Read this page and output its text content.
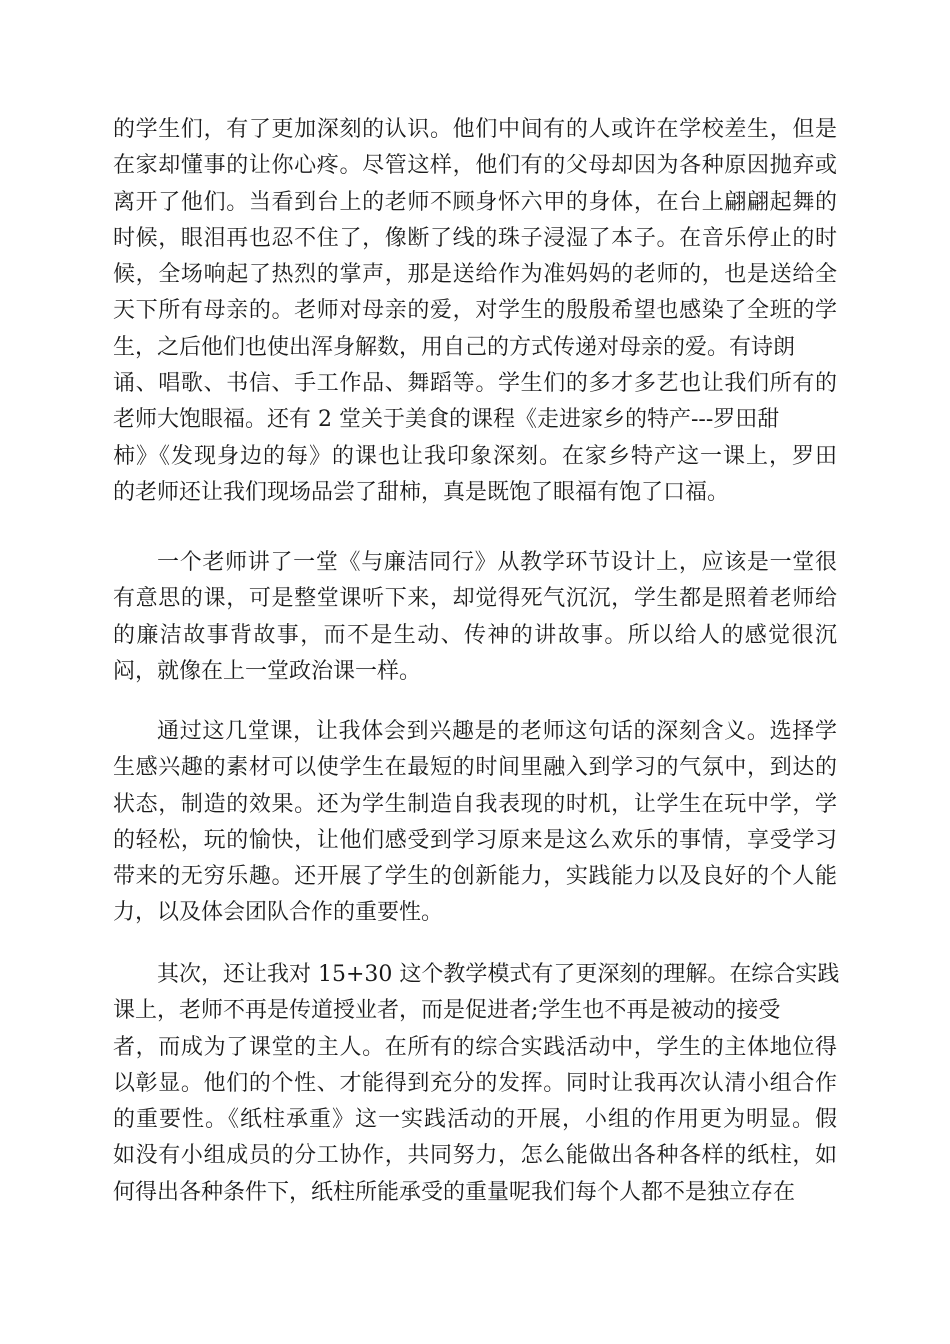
的学生们，有了更加深刻的认识。他们中间有的人或许在学校差生，但是
在家却懂事的让你心疼。尽管这样，他们有的父母却因为各种原因抛弃或
离开了他们。当看到台上的老师不顾身怀六甲的身体，在台上翩翩起舞的
时候，眼泪再也忍不住了，像断了线的珠子浸湿了本子。在音乐停止的时
候，全场响起了热烈的掌声，那是送给作为准妈妈的老师的，也是送给全
天下所有母亲的。老师对母亲的爱，对学生的殷殷希望也感染了全班的学
生，之后他们也使出浑身解数，用自己的方式传递对母亲的爱。有诗朗
诵、唱歌、书信、手工作品、舞蹈等。学生们的多才多艺也让我们所有的
老师大饱眼福。还有 2 堂关于美食的课程《走进家乡的特产---罗田甜
柿》《发现身边的每》的课也让我印象深刻。在家乡特产这一课上，罗田
的老师还让我们现场品尝了甜柿，真是既饱了眼福有饱了口福。
一个老师讲了一堂《与廉洁同行》从教学环节设计上，应该是一堂很
有意思的课，可是整堂课听下来，却觉得死气沉沉，学生都是照着老师给
的廉洁故事背故事，而不是生动、传神的讲故事。所以给人的感觉很沉
闷，就像在上一堂政治课一样。
通过这几堂课，让我体会到兴趣是的老师这句话的深刻含义。选择学
生感兴趣的素材可以使学生在最短的时间里融入到学习的气氛中，到达的
状态，制造的效果。还为学生制造自我表现的时机，让学生在玩中学，学
的轻松，玩的愉快，让他们感受到学习原来是这么欢乐的事情，享受学习
带来的无穷乐趣。还开展了学生的创新能力，实践能力以及良好的个人能
力，以及体会团队合作的重要性。
其次，还让我对 15+30 这个教学模式有了更深刻的理解。在综合实践
课上，老师不再是传道授业者，而是促进者;学生也不再是被动的接受
者，而成为了课堂的主人。在所有的综合实践活动中，学生的主体地位得
以彰显。他们的个性、才能得到充分的发挥。同时让我再次认清小组合作
的重要性。《纸柱承重》这一实践活动的开展，小组的作用更为明显。假
如没有小组成员的分工协作，共同努力，怎么能做出各种各样的纸柱，如
何得出各种条件下，纸柱所能承受的重量呢我们每个人都不是独立存在
